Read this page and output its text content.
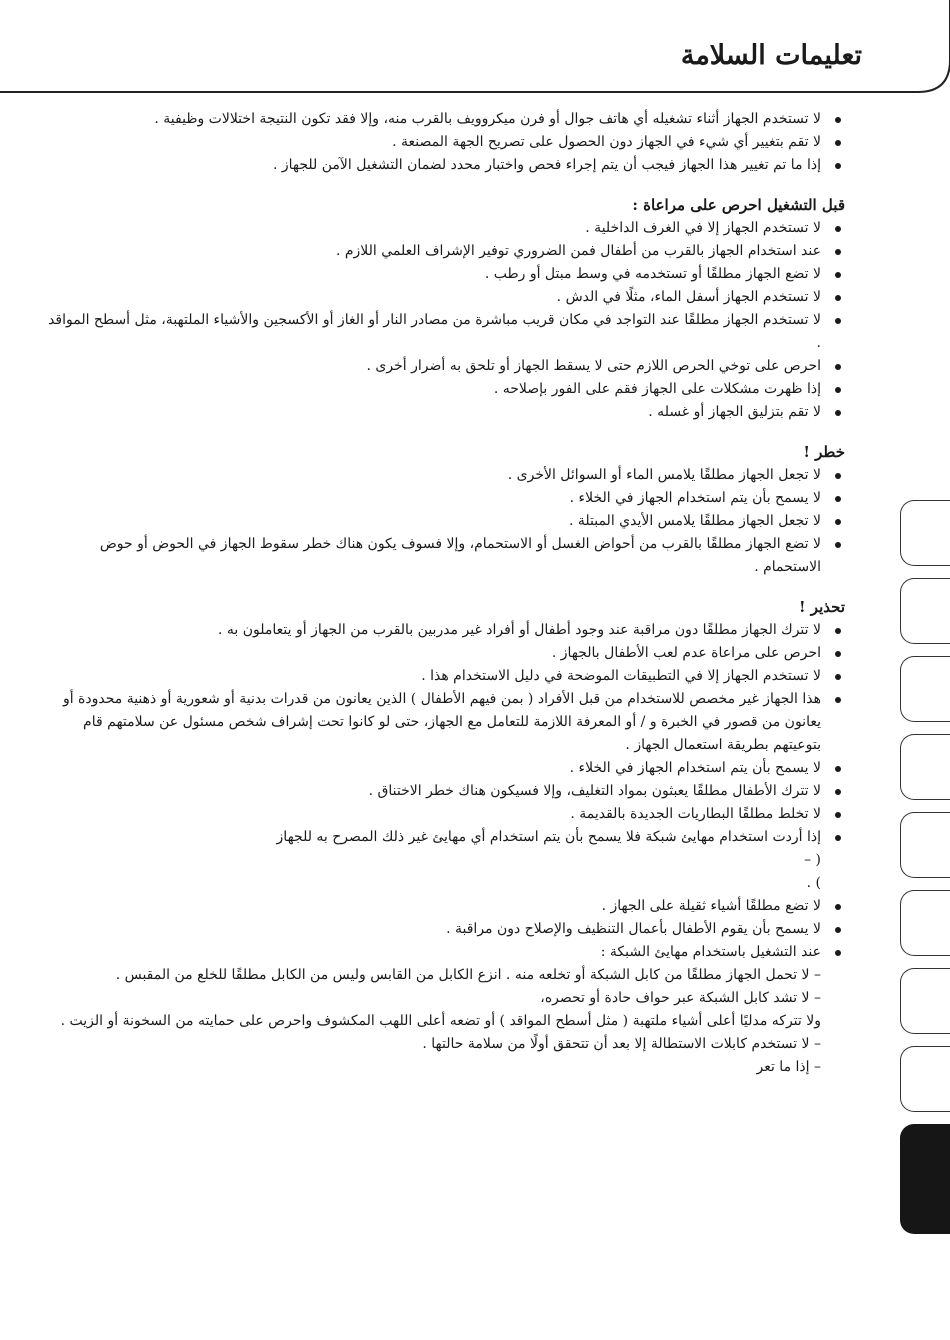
تعليمات السلامة
لا تستخدم الجهاز أثناء تشغيله أي هاتف جوال أو فرن ميكروويف بالقرب منه، وإلا فقد تكون النتيجة اختلالات وظيفية .
لا تقم بتغيير أي شيء في الجهاز دون الحصول على تصريح الجهة المصنعة .
إذا ما تم تغيير هذا الجهاز فيجب أن يتم إجراء فحص واختبار محدد لضمان التشغيل الآمن للجهاز .

قبل التشغيل احرص على مراعاة :

لا تستخدم الجهاز إلا في الغرف الداخلية .
عند استخدام الجهاز بالقرب من أطفال فمن الضروري توفير الإشراف العلمي اللازم .
لا تضع الجهاز مطلقًا أو تستخدمه في وسط مبتل أو رطب .
لا تستخدم الجهاز أسفل الماء، مثلًا في الدش .
لا تستخدم الجهاز مطلقًا عند التواجد في مكان قريب مباشرة من مصادر النار أو الغاز أو الأكسجين والأشياء الملتهبة، مثل أسطح المواقد .
احرص على توخي الحرص اللازم حتى لا يسقط الجهاز أو تلحق به أضرار أخرى .
إذا ظهرت مشكلات على الجهاز فقم على الفور بإصلاحه .
لا تقم بتزليق الجهاز أو غسله .

خطر !

لا تجعل الجهاز مطلقًا يلامس الماء أو السوائل الأخرى .
لا يسمح بأن يتم استخدام الجهاز في الخلاء .
لا تجعل الجهاز مطلقًا يلامس الأيدي المبتلة .
لا تضع الجهاز مطلقًا بالقرب من أحواض الغسل أو الاستحمام، وإلا فسوف يكون هناك خطر سقوط الجهاز في الحوض أو حوض الاستحمام .

تحذير !

لا تترك الجهاز مطلقًا دون مراقبة عند وجود أطفال أو أفراد غير مدربين بالقرب من الجهاز أو يتعاملون به .
احرص على مراعاة عدم لعب الأطفال بالجهاز .
لا تستخدم الجهاز إلا في التطبيقات الموضحة في دليل الاستخدام هذا .
هذا الجهاز غير مخصص للاستخدام من قبل الأفراد ( بمن فيهم الأطفال ) الذين يعانون من قدرات بدنية أو شعورية أو ذهنية محدودة أو يعانون من قصور في الخبرة و / أو المعرفة اللازمة للتعامل مع الجهاز، حتى لو كانوا تحت إشراف شخص مسئول عن سلامتهم قام بتوعيتهم بطريقة استعمال الجهاز .
لا يسمح بأن يتم استخدام الجهاز في الخلاء .
لا تترك الأطفال مطلقًا يعبثون بمواد التغليف، وإلا فسيكون هناك خطر الاختناق .
لا تخلط مطلقًا البطاريات الجديدة بالقديمة .
إذا أردت استخدام مهايئ شبكة فلا يسمح بأن يتم استخدام أي مهايئ غير ذلك المصرح به للجهاز
( –
) .
لا تضع مطلقًا أشياء ثقيلة على الجهاز .
لا يسمح بأن يقوم الأطفال بأعمال التنظيف والإصلاح دون مراقبة .
عند التشغيل باستخدام مهايئ الشبكة :
– لا تحمل الجهاز مطلقًا من كابل الشبكة أو تخلعه منه . انزع الكابل من القابس وليس من الكابل مطلقًا للخلع من المقبس .
– لا تشد كابل الشبكة عبر حواف حادة أو تحصره،
ولا تتركه مدليًا أعلى أشياء ملتهبة ( مثل أسطح المواقد ) أو تضعه أعلى اللهب المكشوف واحرص على حمايته من السخونة أو الزيت .
– لا تستخدم كابلات الاستطالة إلا بعد أن تتحقق أولًا من سلامة حالتها .
– إذا ما تعر
